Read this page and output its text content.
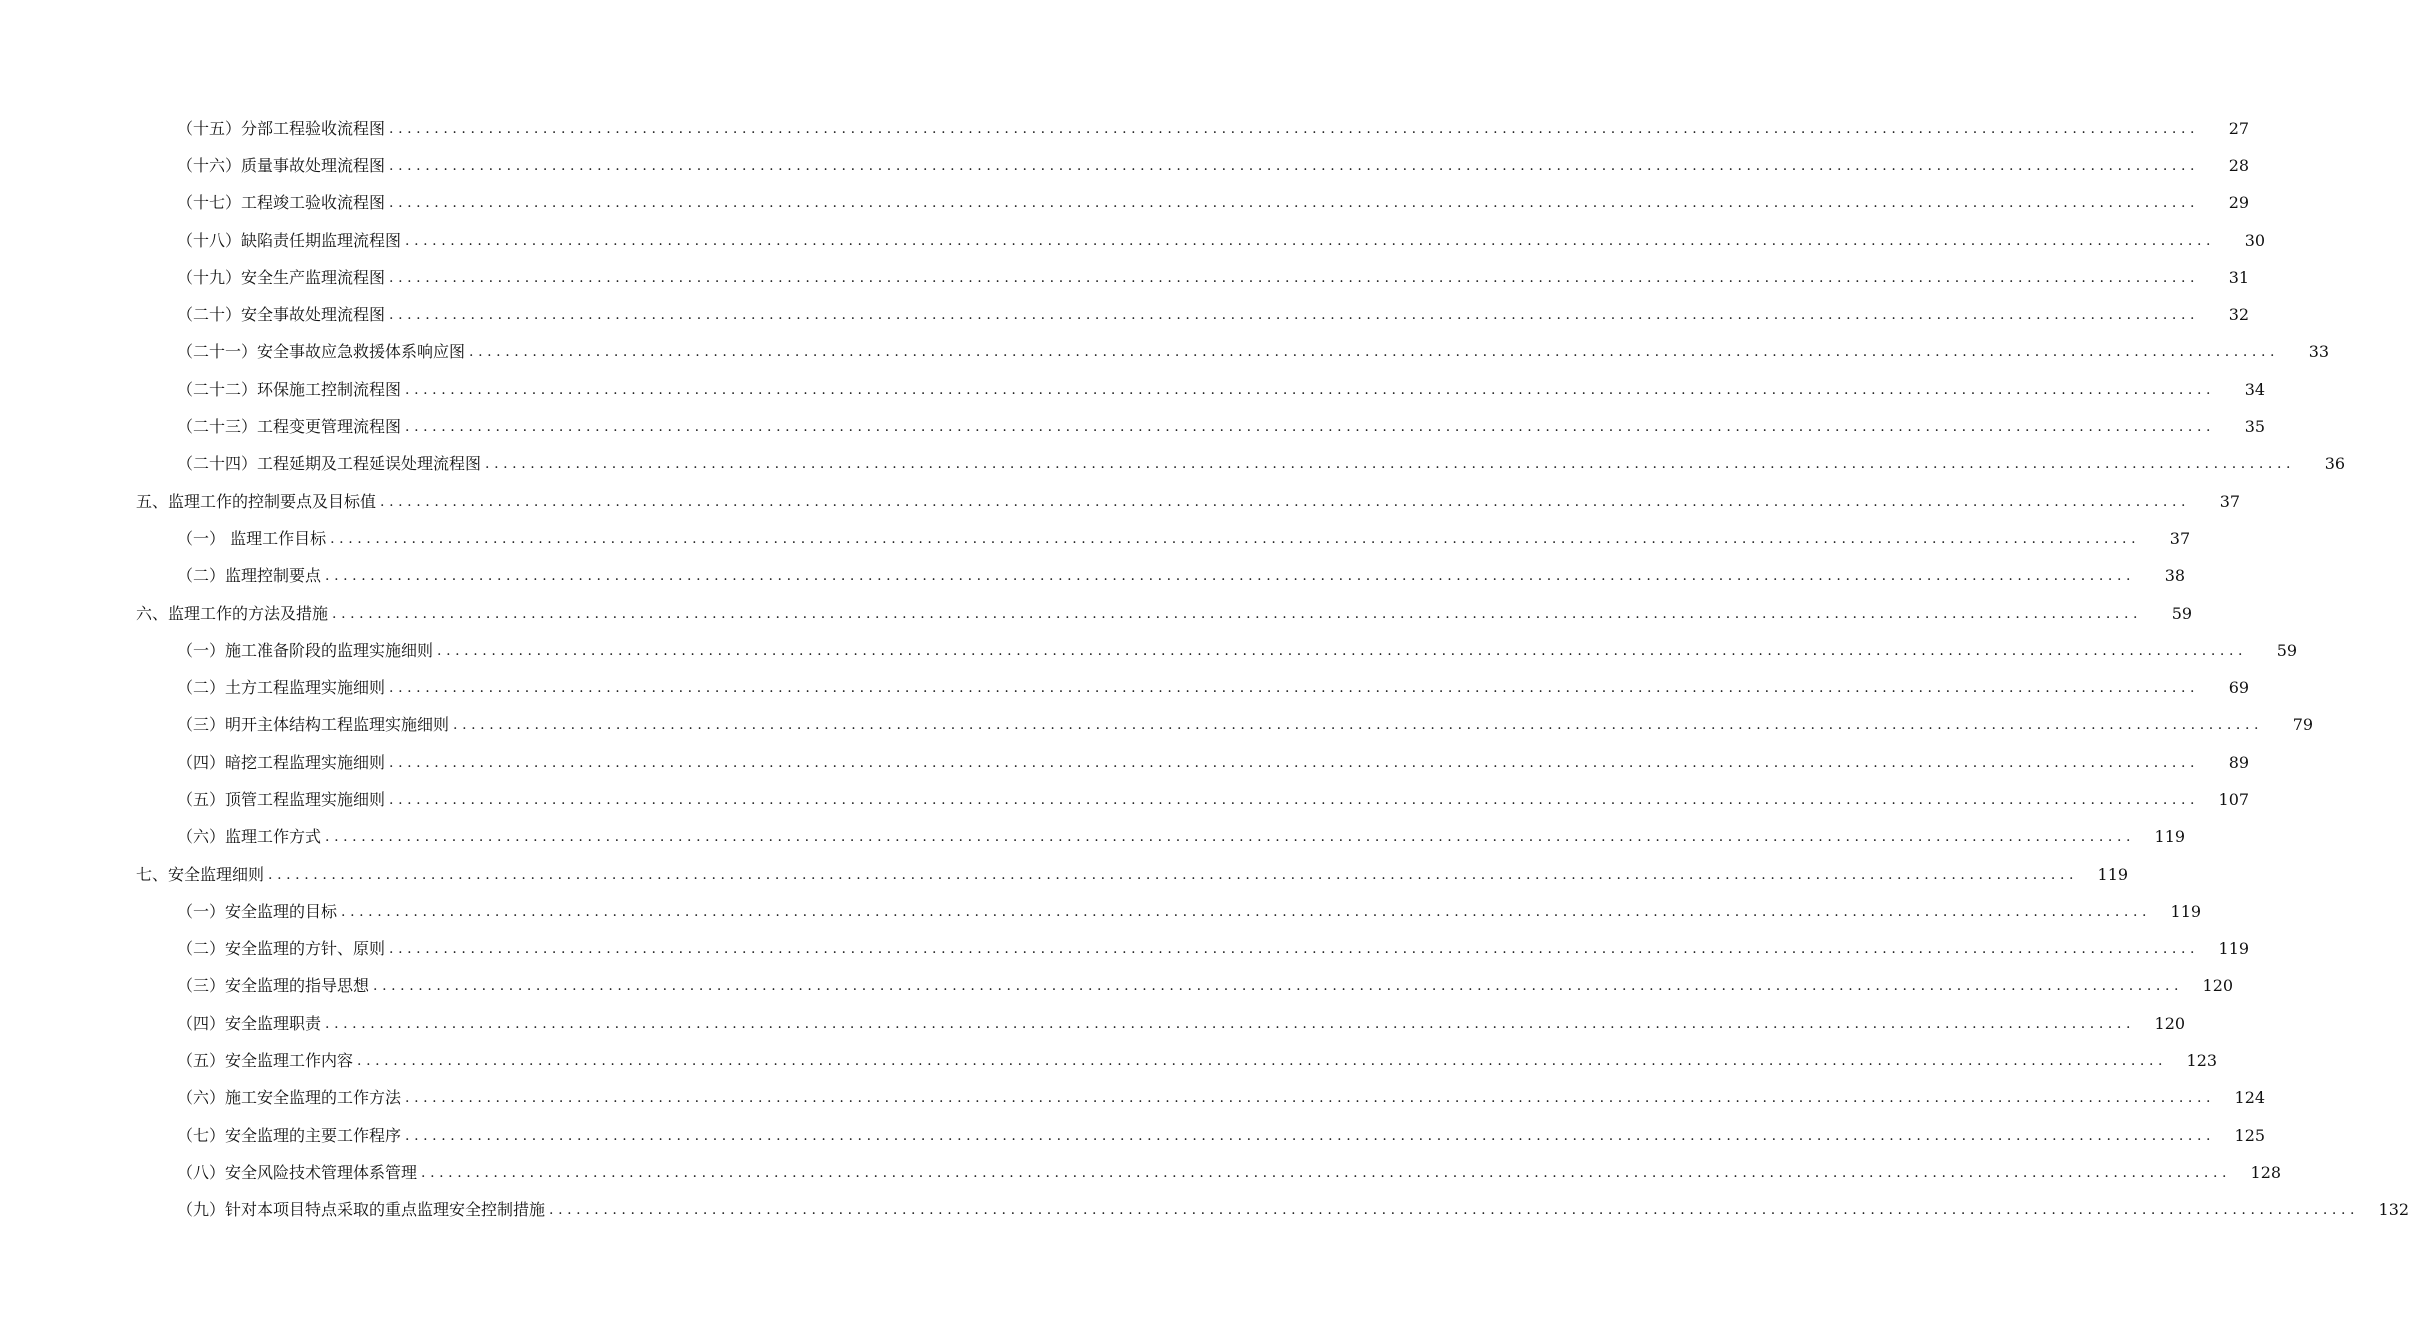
（十五）分部工程验收流程图 ........................................................................................................................................................................................................	27
（十六）质量事故处理流程图 ........................................................................................................................................................................................................	28
（十七）工程竣工验收流程图 ........................................................................................................................................................................................................	29
（十八）缺陷责任期监理流程图 ........................................................................................................................................................................................................	30
（十九）安全生产监理流程图 ........................................................................................................................................................................................................	31
（二十）安全事故处理流程图 ........................................................................................................................................................................................................	32
（二十一）安全事故应急救援体系响应图 ........................................................................................................................................................................................................	33
（二十二）环保施工控制流程图 ........................................................................................................................................................................................................	34
（二十三）工程变更管理流程图 ........................................................................................................................................................................................................	35
（二十四）工程延期及工程延误处理流程图 ........................................................................................................................................................................................................	36
五、监理工作的控制要点及目标值 ........................................................................................................................................................................................................	37
（一） 监理工作目标 ........................................................................................................................................................................................................	37
（二）监理控制要点 ........................................................................................................................................................................................................	38
六、监理工作的方法及措施 ........................................................................................................................................................................................................	59
（一）施工准备阶段的监理实施细则 ........................................................................................................................................................................................................	59
（二）土方工程监理实施细则 ........................................................................................................................................................................................................	69
（三）明开主体结构工程监理实施细则 ........................................................................................................................................................................................................	79
（四）暗挖工程监理实施细则 ........................................................................................................................................................................................................	89
（五）顶管工程监理实施细则 ........................................................................................................................................................................................................	107
（六）监理工作方式 ........................................................................................................................................................................................................	119
七、安全监理细则 ........................................................................................................................................................................................................	119
（一）安全监理的目标 ........................................................................................................................................................................................................	119
（二）安全监理的方针、原则 ........................................................................................................................................................................................................	119
（三）安全监理的指导思想 ........................................................................................................................................................................................................	120
（四）安全监理职责 ........................................................................................................................................................................................................	120
（五）安全监理工作内容 ........................................................................................................................................................................................................	123
（六）施工安全监理的工作方法 ........................................................................................................................................................................................................	124
（七）安全监理的主要工作程序 ........................................................................................................................................................................................................	125
（八）安全风险技术管理体系管理 ........................................................................................................................................................................................................	128
（九）针对本项目特点采取的重点监理安全控制措施 ........................................................................................................................................................................................................	132
